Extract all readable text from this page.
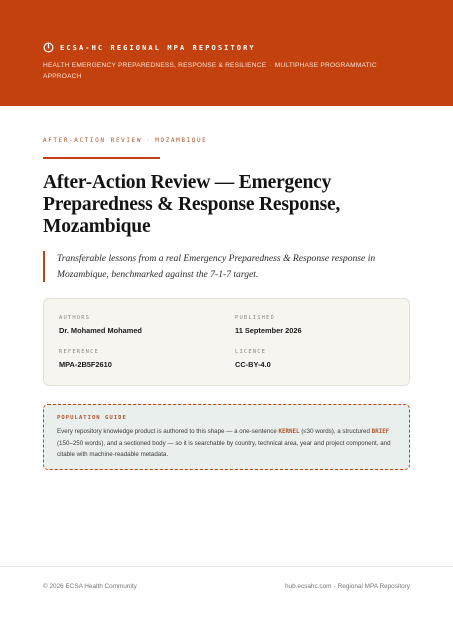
ECSA-HC REGIONAL MPA REPOSITORY
HEALTH EMERGENCY PREPAREDNESS, RESPONSE & RESILIENCE · MULTIPHASE PROGRAMMATIC APPROACH
AFTER-ACTION REVIEW · MOZAMBIQUE
After-Action Review — Emergency Preparedness & Response Response, Mozambique

Transferable lessons from a real Emergency Preparedness & Response response in Mozambique, benchmarked against the 7-1-7 target.

AUTHORS
Dr. Mohamed Mohamed
PUBLISHED
11 September 2026
REFERENCE
MPA-2B5F2610
LICENCE
CC-BY-4.0
POPULATION GUIDE
Every repository knowledge product is authored to this shape — a one-sentence KERNEL (≤30 words), a structured BRIEF (150–250 words), and a sectioned body — so it is searchable by country, technical area, year and project component, and citable with machine-readable metadata.
© 2026 ECSA Health Community	hub.ecsahc.com · Regional MPA Repository
